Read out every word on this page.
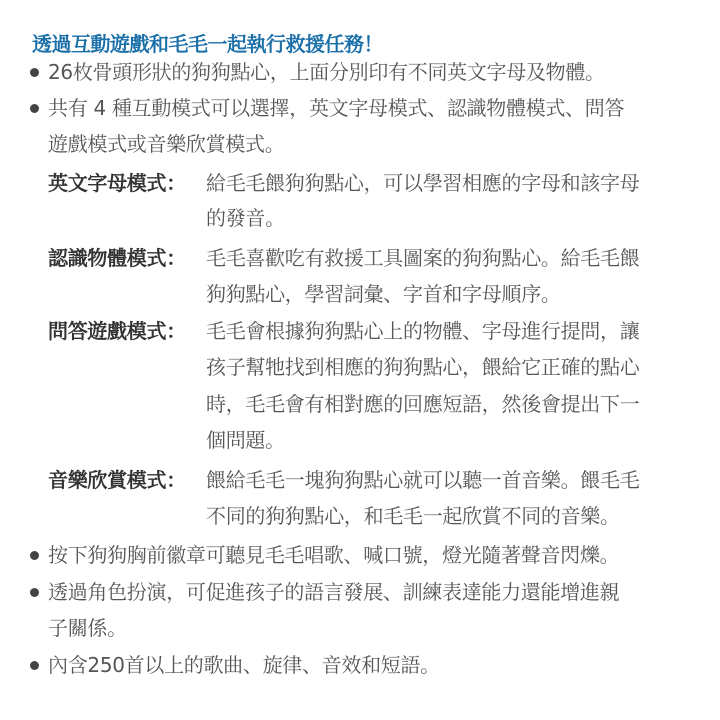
透過互動遊戲和毛毛一起執行救援任務！
26枚骨頭形狀的狗狗點心，上面分別印有不同英文字母及物體。
共有 4 種互動模式可以選擇，英文字母模式、認識物體模式、問答
遊戲模式或音樂欣賞模式。
英文字母模式： 給毛毛餵狗狗點心，可以學習相應的字母和該字母
的發音。
認識物體模式： 毛毛喜歡吃有救援工具圖案的狗狗點心。給毛毛餵
狗狗點心，學習詞彙、字首和字母順序。
問答遊戲模式： 毛毛會根據狗狗點心上的物體、字母進行提問，讓
孩子幫牠找到相應的狗狗點心，餵給它正確的點心
時，毛毛會有相對應的回應短語，然後會提出下一
個問題。
音樂欣賞模式： 餵給毛毛一塊狗狗點心就可以聽一首音樂。餵毛毛
不同的狗狗點心，和毛毛一起欣賞不同的音樂。
按下狗狗胸前徽章可聽見毛毛唱歌、喊口號，燈光隨著聲音閃爍。
透過角色扮演，可促進孩子的語言發展、訓練表達能力還能增進親
子關係。
內含250首以上的歌曲、旋律、音效和短語。
